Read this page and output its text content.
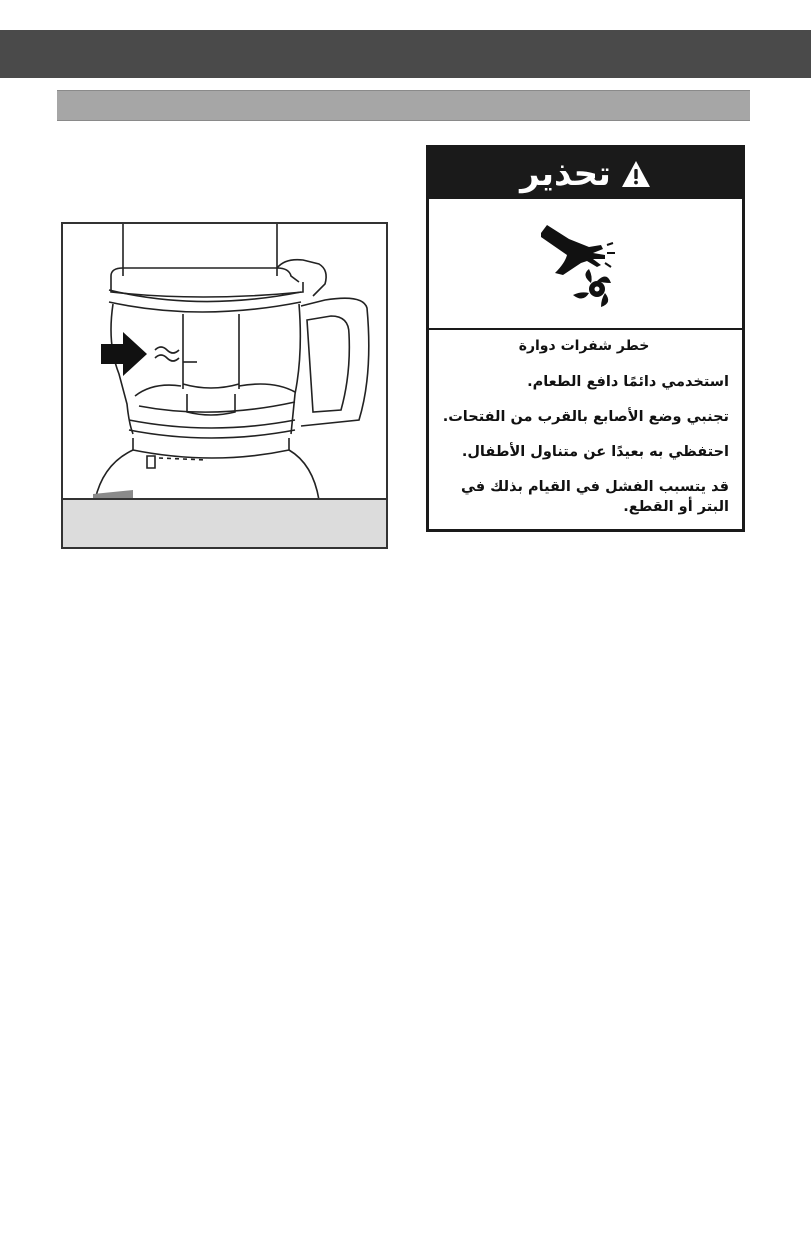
تحذير

خطر شفرات دوارة

استخدمي دائمًا دافع الطعام.

تجنبي وضع الأصابع بالقرب من الفتحات.

احتفظي به بعيدًا عن متناول الأطفال.

قد يتسبب الفشل في القيام بذلك في البتر أو القطع.
